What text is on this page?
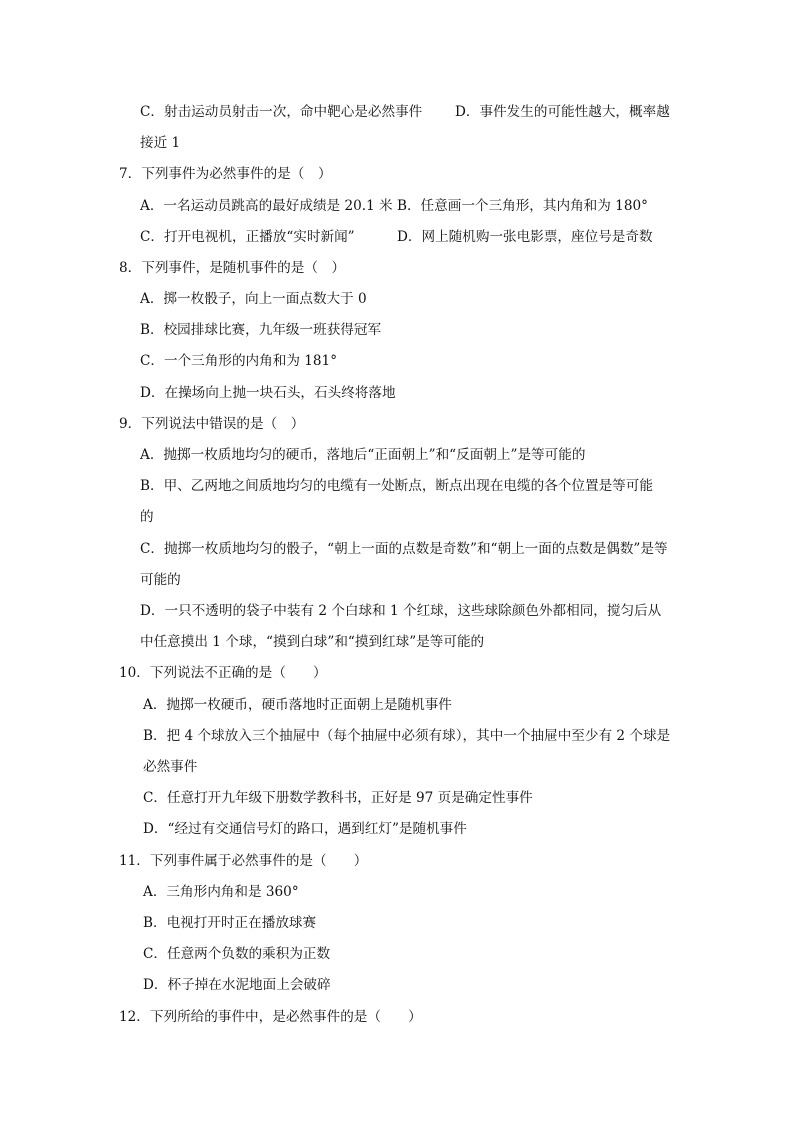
C．射击运动员射击一次，命中靶心是必然事件 D．事件发生的可能性越大，概率越
接近 1
7．下列事件为必然事件的是（　）
A．一名运动员跳高的最好成绩是 20.1 米 B．任意画一个三角形，其内角和为 180°
C．打开电视机，正播放“实时新闻”	D．网上随机购一张电影票，座位号是奇数
8．下列事件，是随机事件的是（　）
A．掷一枚骰子，向上一面点数大于 0
B．校园排球比赛，九年级一班获得冠军
C．一个三角形的内角和为 181°
D．在操场向上抛一块石头，石头终将落地
9．下列说法中错误的是（　）
A．抛掷一枚质地均匀的硬币，落地后“正面朝上”和“反面朝上”是等可能的
B．甲、乙两地之间质地均匀的电缆有一处断点，断点出现在电缆的各个位置是等可能
的
C．抛掷一枚质地均匀的骰子，“朝上一面的点数是奇数”和“朝上一面的点数是偶数”是等
可能的
D．一只不透明的袋子中装有 2 个白球和 1 个红球，这些球除颜色外都相同，搅匀后从
中任意摸出 1 个球，“摸到白球”和“摸到红球”是等可能的
10．下列说法不正确的是（　　）
A．抛掷一枚硬币，硬币落地时正面朝上是随机事件
B．把 4 个球放入三个抽屉中（每个抽屉中必须有球），其中一个抽屉中至少有 2 个球是
必然事件
C．任意打开九年级下册数学教科书，正好是 97 页是确定性事件
D．“经过有交通信号灯的路口，遇到红灯”是随机事件
11．下列事件属于必然事件的是（　　）
A．三角形内角和是 360°
B．电视打开时正在播放球赛
C．任意两个负数的乘积为正数
D．杯子掉在水泥地面上会破碎
12．下列所给的事件中，是必然事件的是（　　）
